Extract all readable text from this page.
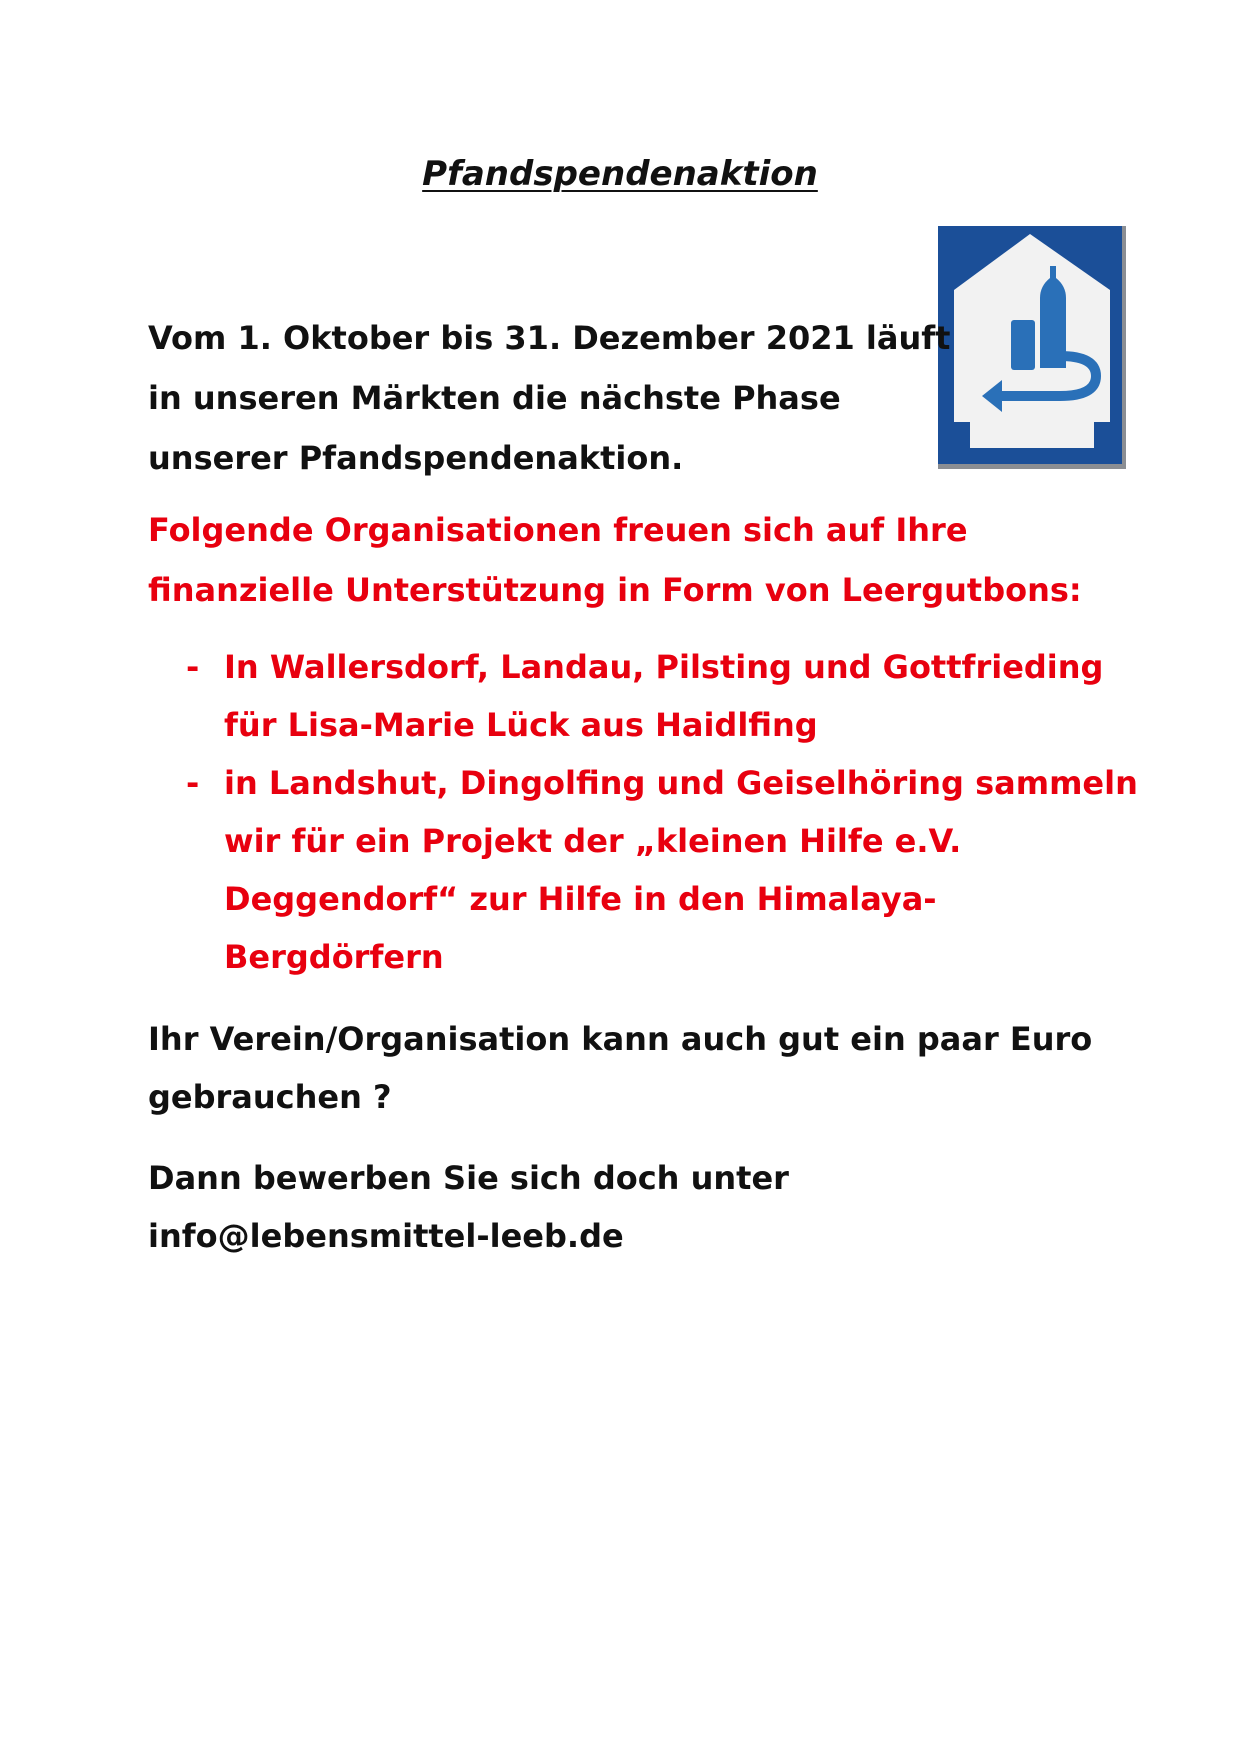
Pfandspendenaktion
Vom 1. Oktober bis 31. Dezember 2021 läuft
in unseren Märkten die nächste Phase
unserer Pfandspendenaktion.
Folgende Organisationen freuen sich auf Ihre
finanzielle Unterstützung in Form von Leergutbons:
- In Wallersdorf, Landau, Pilsting und Gottfrieding
für Lisa-Marie Lück aus Haidlfing
- in Landshut, Dingolfing und Geiselhöring sammeln
wir für ein Projekt der „kleinen Hilfe e.V.
Deggendorf“ zur Hilfe in den Himalaya-
Bergdörfern
Ihr Verein/Organisation kann auch gut ein paar Euro
gebrauchen ?
Dann bewerben Sie sich doch unter
info@lebensmittel-leeb.de
